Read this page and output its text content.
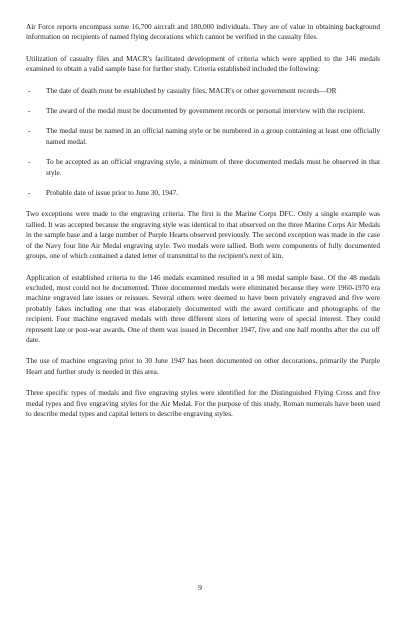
Air Force reports encompass some 16,700 aircraft and 180,000 individuals. They are of value in obtaining background information on recipients of named flying decorations which cannot be verified in the casualty files.

Utilization of casualty files and MACR's facilitated development of criteria which were applied to the 146 medals examined to obtain a valid sample base for further study. Criteria established included the following:

- The date of death must be established by casualty files, MACR's or other government records—OR
- The award of the medal must be documented by government records or personal interview with the recipient.
- The medal must be named in an official naming style or be numbered in a group containing at least one officially named medal.
- To be accepted as an official engraving style, a minimum of three documented medals must be observed in that style.
- Probable date of issue prior to June 30, 1947.

Two exceptions were made to the engraving criteria. The first is the Marine Corps DFC. Only a single example was tallied. It was accepted because the engraving style was identical to that observed on the three Marine Corps Air Medals in the sample base and a large number of Purple Hearts observed previously. The second exception was made in the case of the Navy four line Air Medal engraving style. Two medals were tallied. Both were components of fully documented groups, one of which contained a dated letter of transmittal to the recipient's next of kin.

Application of established criteria to the 146 medals examined resulted in a 98 medal sample base. Of the 48 medals excluded, most could not be documented. Three documented medals were eliminated because they were 1960-1970 era machine engraved late issues or reissues. Several others were deemed to have been privately engraved and five were probably fakes including one that was elaborately documented with the award certificate and photographs of the recipient. Four machine engraved medals with three different sizes of lettering were of special interest. They could represent late or post-war awards. One of them was issued in December 1947, five and one half months after the cut off date.

The use of machine engraving prior to 30 June 1947 has been documented on other decorations, primarily the Purple Heart and further study is needed in this area.

Three specific types of medals and five engraving styles were identified for the Distinguished Flying Cross and five medal types and five engraving styles for the Air Medal. For the purpose of this study, Roman numerals have been used to describe medal types and capital letters to describe engraving styles.

9
